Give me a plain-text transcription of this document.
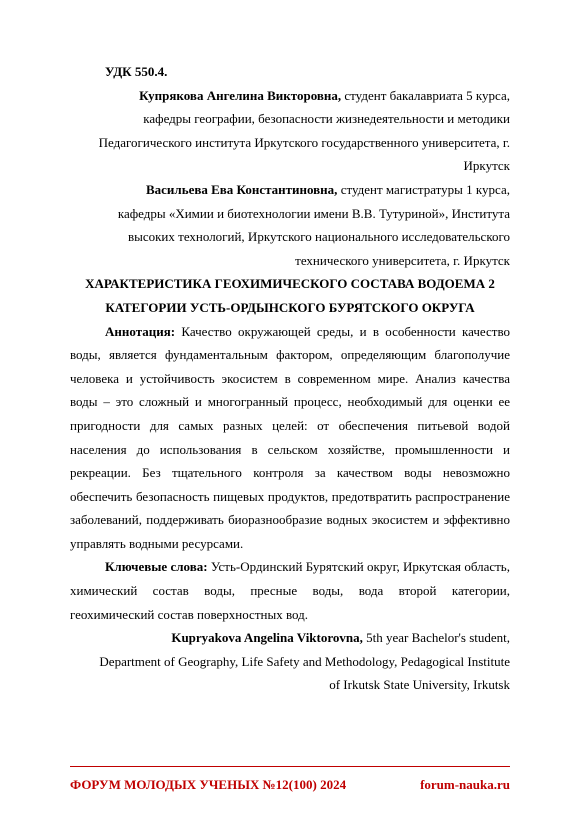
УДК 550.4.

Купрякова Ангелина Викторовна, студент бакалавриата 5 курса,

кафедры географии, безопасности жизнедеятельности и методики

Педагогического института Иркутского государственного университета, г.

Иркутск

Васильева Ева Константиновна, студент магистратуры 1 курса,

кафедры «Химии и биотехнологии имени В.В. Тутуриной», Института

высоких технологий, Иркутского национального исследовательского

технического университета, г. Иркутск

ХАРАКТЕРИСТИКА ГЕОХИМИЧЕСКОГО СОСТАВА ВОДОЕМА 2

КАТЕГОРИИ УСТЬ-ОРДЫНСКОГО БУРЯТСКОГО ОКРУГА

Аннотация: Качество окружающей среды, и в особенности качество воды, является фундаментальным фактором, определяющим благополучие человека и устойчивость экосистем в современном мире. Анализ качества воды – это сложный и многогранный процесс, необходимый для оценки ее пригодности для самых разных целей: от обеспечения питьевой водой населения до использования в сельском хозяйстве, промышленности и рекреации. Без тщательного контроля за качеством воды невозможно обеспечить безопасность пищевых продуктов, предотвратить распространение заболеваний, поддерживать биоразнообразие водных экосистем и эффективно управлять водными ресурсами.

Ключевые слова: Усть-Ординский Бурятский округ, Иркутская область, химический состав воды, пресные воды, вода второй категории, геохимический состав поверхностных вод.

Kupryakova Angelina Viktorovna, 5th year Bachelor's student,

Department of Geography, Life Safety and Methodology, Pedagogical Institute

of Irkutsk State University, Irkutsk

ФОРУМ МОЛОДЫХ УЧЕНЫХ №12(100) 2024	forum-nauka.ru
